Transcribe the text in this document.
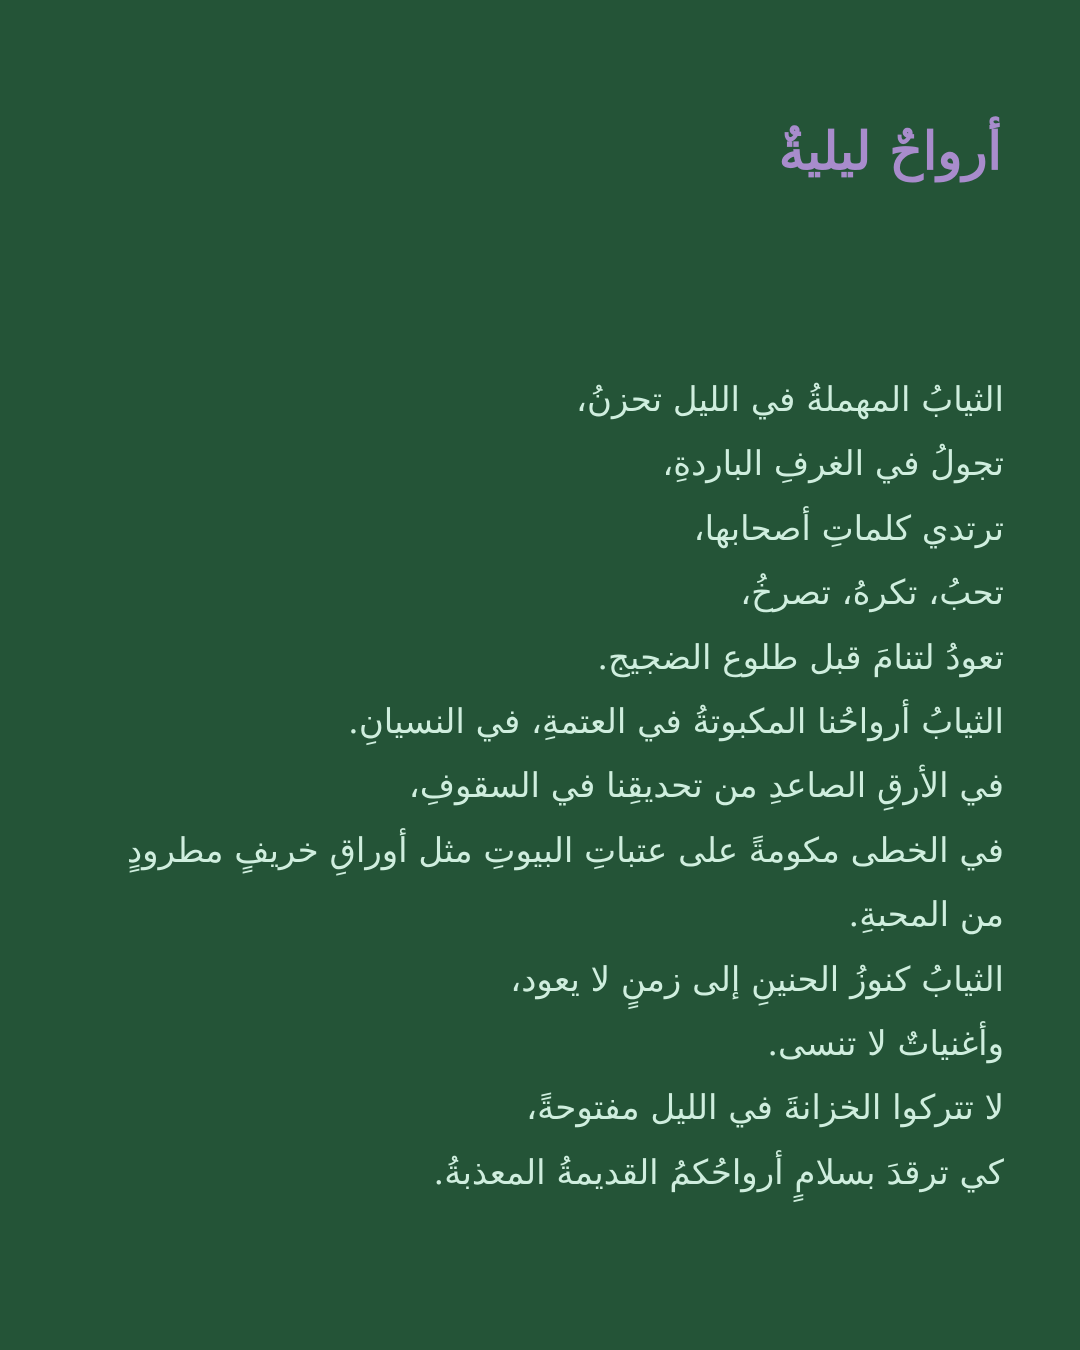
أرواحٌ ليليةٌ
الثيابُ المهملةُ في الليل تحزنُ،
تجولُ في الغرفِ الباردةِ،
ترتدي كلماتِ أصحابها،
تحبُ، تكرهُ، تصرخُ،
تعودُ لتنامَ قبل طلوع الضجيج.
الثيابُ أرواحُنا المكبوتةُ في العتمةِ، في النسيانِ.
في الأرقِ الصاعدِ من تحديقِنا في السقوفِ،
في الخطى مكومةً على عتباتِ البيوتِ مثل أوراقِ خريفٍ مطرودٍ
من المحبةِ.
الثيابُ كنوزُ الحنينِ إلى زمنٍ لا يعود،
وأغنياتٌ لا تنسى.
لا تتركوا الخزانةَ في الليل مفتوحةً،
كي ترقدَ بسلامٍ أرواحُكمُ القديمةُ المعذبةُ.
